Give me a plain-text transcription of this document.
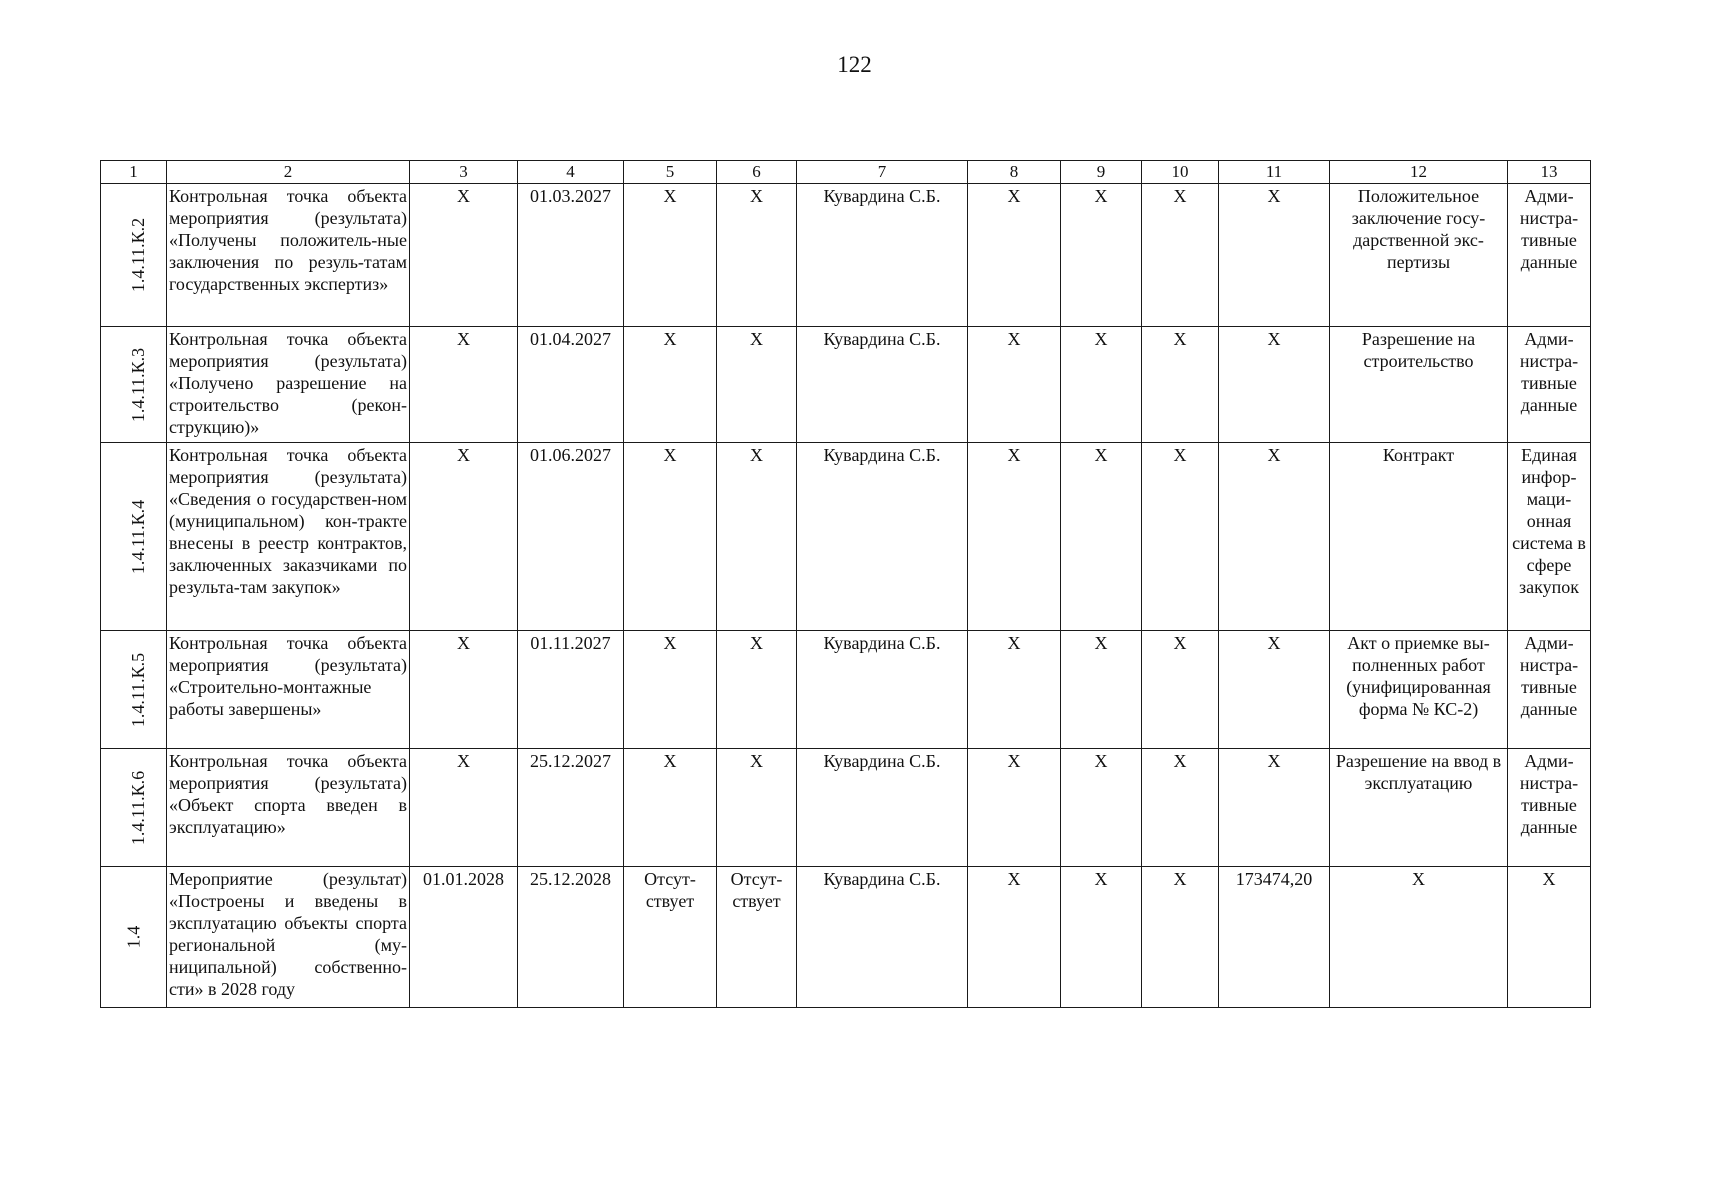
122
1	2	3	4	5	6	7	8	9	10	11	12	13
1.4.11.К.2	Контрольная точка объекта мероприятия (результата) «Получены положитель-ные заключения по резуль-татам государственных экспертиз»	Х	01.03.2027	Х	Х	Кувардина С.Б.	Х	Х	Х	Х	Положительное заключение госу-дарственной экс-пертизы	Адми-нистра-тивные данные
1.4.11.К.3	Контрольная точка объекта мероприятия (результата) «Получено разрешение на строительство (рекон-струкцию)»	Х	01.04.2027	Х	Х	Кувардина С.Б.	Х	Х	Х	Х	Разрешение на строительство	Адми-нистра-тивные данные
1.4.11.К.4	Контрольная точка объекта мероприятия (результата) «Сведения о государствен-ном (муниципальном) кон-тракте внесены в реестр контрактов, заключенных заказчиками по результа-там закупок»	Х	01.06.2027	Х	Х	Кувардина С.Б.	Х	Х	Х	Х	Контракт	Единая инфор-маци-онная система в сфере закупок
1.4.11.К.5	Контрольная точка объекта мероприятия (результата) «Строительно-монтажные работы завершены»	Х	01.11.2027	Х	Х	Кувардина С.Б.	Х	Х	Х	Х	Акт о приемке вы-полненных работ (унифицированная форма № КС-2)	Адми-нистра-тивные данные
1.4.11.К.6	Контрольная точка объекта мероприятия (результата) «Объект спорта введен в эксплуатацию»	Х	25.12.2027	Х	Х	Кувардина С.Б.	Х	Х	Х	Х	Разрешение на ввод в эксплуатацию	Адми-нистра-тивные данные
1.4	Мероприятие (результат) «Построены и введены в эксплуатацию объекты спорта региональной (му-ниципальной) собственно-сти» в 2028 году	01.01.2028	25.12.2028	Отсут-ствует	Отсут-ствует	Кувардина С.Б.	Х	Х	Х	173474,20	Х	Х
